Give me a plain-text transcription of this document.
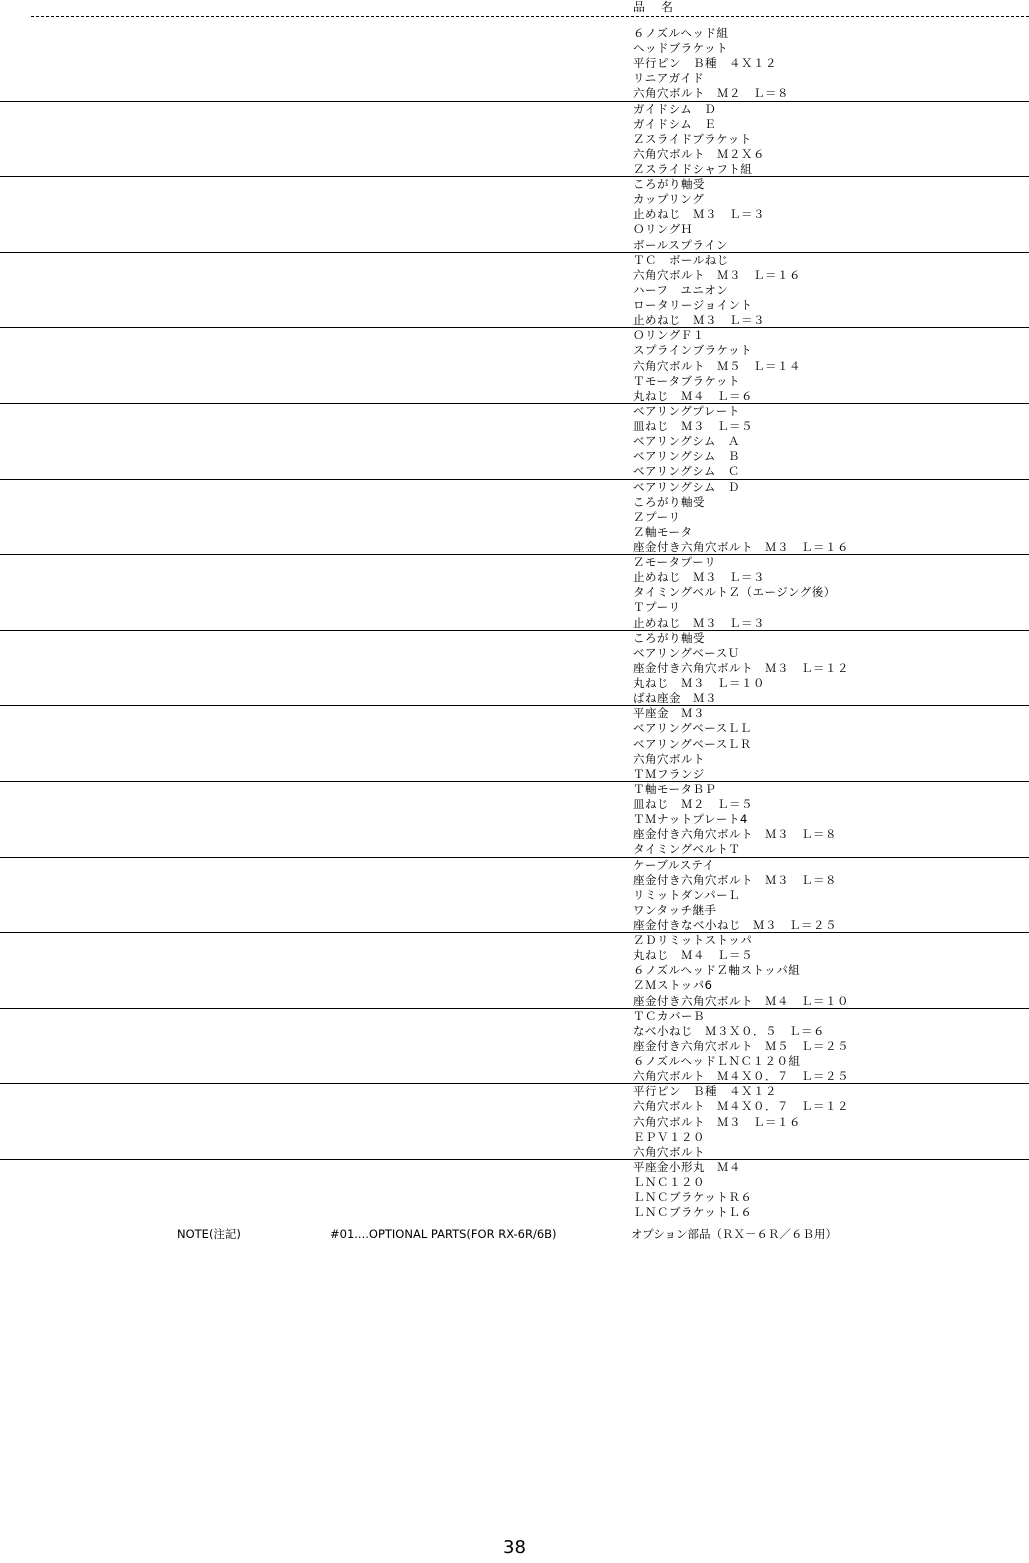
品　名
６ノズルヘッド組
ヘッドブラケット
平行ピン　Ｂ種　４Ｘ１２
リニアガイド
六角穴ボルト　Ｍ２　Ｌ＝８
ガイドシム　Ｄ
ガイドシム　Ｅ
Ｚスライドブラケット
六角穴ボルト　Ｍ２Ｘ６
Ｚスライドシャフト組
ころがり軸受
カップリング
止めねじ　Ｍ３　Ｌ＝３
ＯリングＨ
ボールスプライン
ＴＣ　ボールねじ
六角穴ボルト　Ｍ３　Ｌ＝１６
ハーフ　ユニオン
ロータリージョイント
止めねじ　Ｍ３　Ｌ＝３
ＯリングＦ１
スプラインブラケット
六角穴ボルト　Ｍ５　Ｌ＝１４
Ｔモータブラケット
丸ねじ　Ｍ４　Ｌ＝６
ベアリングプレート
皿ねじ　Ｍ３　Ｌ＝５
ベアリングシム　Ａ
ベアリングシム　Ｂ
ベアリングシム　Ｃ
ベアリングシム　Ｄ
ころがり軸受
Ｚプーリ
Ｚ軸モータ
座金付き六角穴ボルト　Ｍ３　Ｌ＝１６
Ｚモータプーリ
止めねじ　Ｍ３　Ｌ＝３
タイミングベルトＺ（エージング後）
Ｔプーリ
止めねじ　Ｍ３　Ｌ＝３
ころがり軸受
ベアリングベースＵ
座金付き六角穴ボルト　Ｍ３　Ｌ＝１２
丸ねじ　Ｍ３　Ｌ＝１０
ばね座金　Ｍ３
平座金　Ｍ３
ベアリングベースＬＬ
ベアリングベースＬＲ
六角穴ボルト
ＴＭフランジ
Ｔ軸モータＢＰ
皿ねじ　Ｍ２　Ｌ＝５
ＴＭナットプレート4
座金付き六角穴ボルト　Ｍ３　Ｌ＝８
タイミングベルトＴ
ケーブルステイ
座金付き六角穴ボルト　Ｍ３　Ｌ＝８
リミットダンパーＬ
ワンタッチ継手
座金付きなべ小ねじ　Ｍ３　Ｌ＝２５
ＺＤリミットストッパ
丸ねじ　Ｍ４　Ｌ＝５
６ノズルヘッドＺ軸ストッパ組
ＺＭストッパ6
座金付き六角穴ボルト　Ｍ４　Ｌ＝１０
ＴＣカバーＢ
なべ小ねじ　Ｍ３Ｘ０．５　Ｌ＝６
座金付き六角穴ボルト　Ｍ５　Ｌ＝２５
６ノズルヘッドＬＮＣ１２０組
六角穴ボルト　Ｍ４Ｘ０．７　Ｌ＝２５
平行ピン　Ｂ種　４Ｘ１２
六角穴ボルト　Ｍ４Ｘ０．７　Ｌ＝１２
六角穴ボルト　Ｍ３　Ｌ＝１６
ＥＰＶ１２０
六角穴ボルト
平座金小形丸　Ｍ４
ＬＮＣ１２０
ＬＮＣブラケットＲ６
ＬＮＣブラケットＬ６
NOTE(注記)	#01....OPTIONAL PARTS(FOR RX-6R/6B)	オプション部品（ＲＸ－６Ｒ／６Ｂ用）
38
